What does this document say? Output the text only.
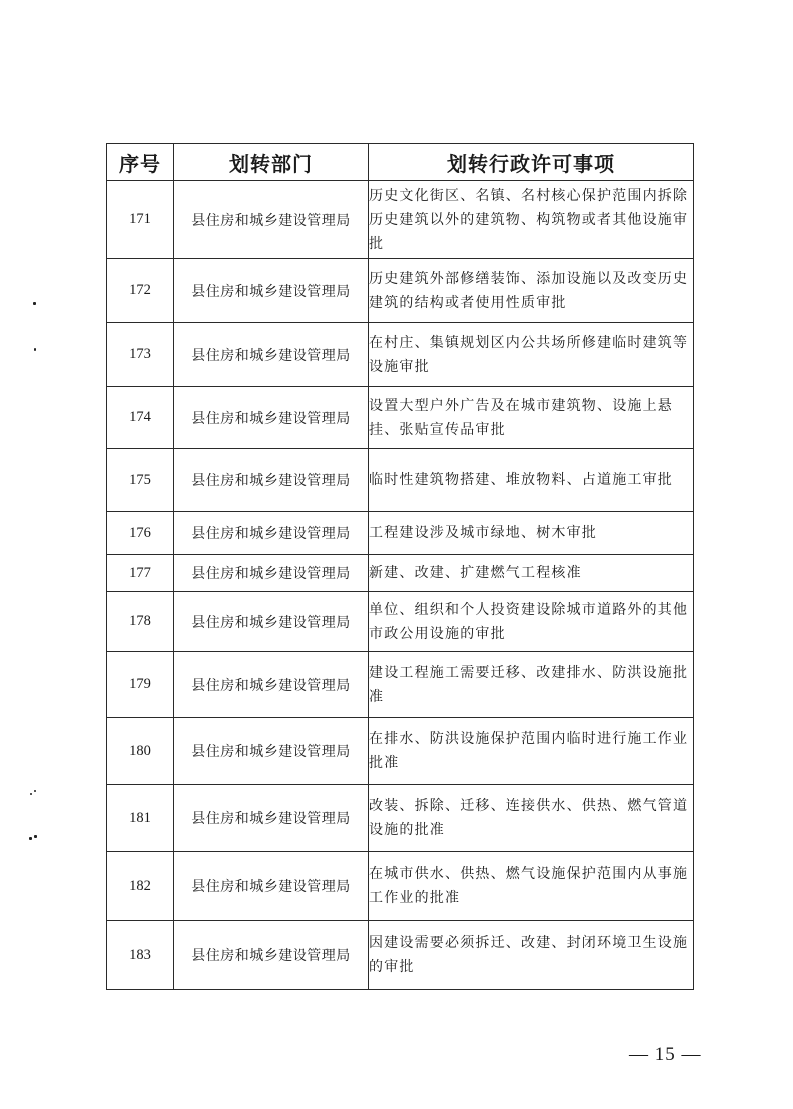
序号	划转部门	划转行政许可事项
171	县住房和城乡建设管理局	历史文化街区、名镇、名村核心保护范围内拆除历史建筑以外的建筑物、构筑物或者其他设施审批
172	县住房和城乡建设管理局	历史建筑外部修缮装饰、添加设施以及改变历史建筑的结构或者使用性质审批
173	县住房和城乡建设管理局	在村庄、集镇规划区内公共场所修建临时建筑等设施审批
174	县住房和城乡建设管理局	设置大型户外广告及在城市建筑物、设施上悬挂、张贴宣传品审批
175	县住房和城乡建设管理局	临时性建筑物搭建、堆放物料、占道施工审批
176	县住房和城乡建设管理局	工程建设涉及城市绿地、树木审批
177	县住房和城乡建设管理局	新建、改建、扩建燃气工程核准
178	县住房和城乡建设管理局	单位、组织和个人投资建设除城市道路外的其他市政公用设施的审批
179	县住房和城乡建设管理局	建设工程施工需要迁移、改建排水、防洪设施批准
180	县住房和城乡建设管理局	在排水、防洪设施保护范围内临时进行施工作业批准
181	县住房和城乡建设管理局	改装、拆除、迁移、连接供水、供热、燃气管道设施的批准
182	县住房和城乡建设管理局	在城市供水、供热、燃气设施保护范围内从事施工作业的批准
183	县住房和城乡建设管理局	因建设需要必须拆迁、改建、封闭环境卫生设施的审批
— 15 —
